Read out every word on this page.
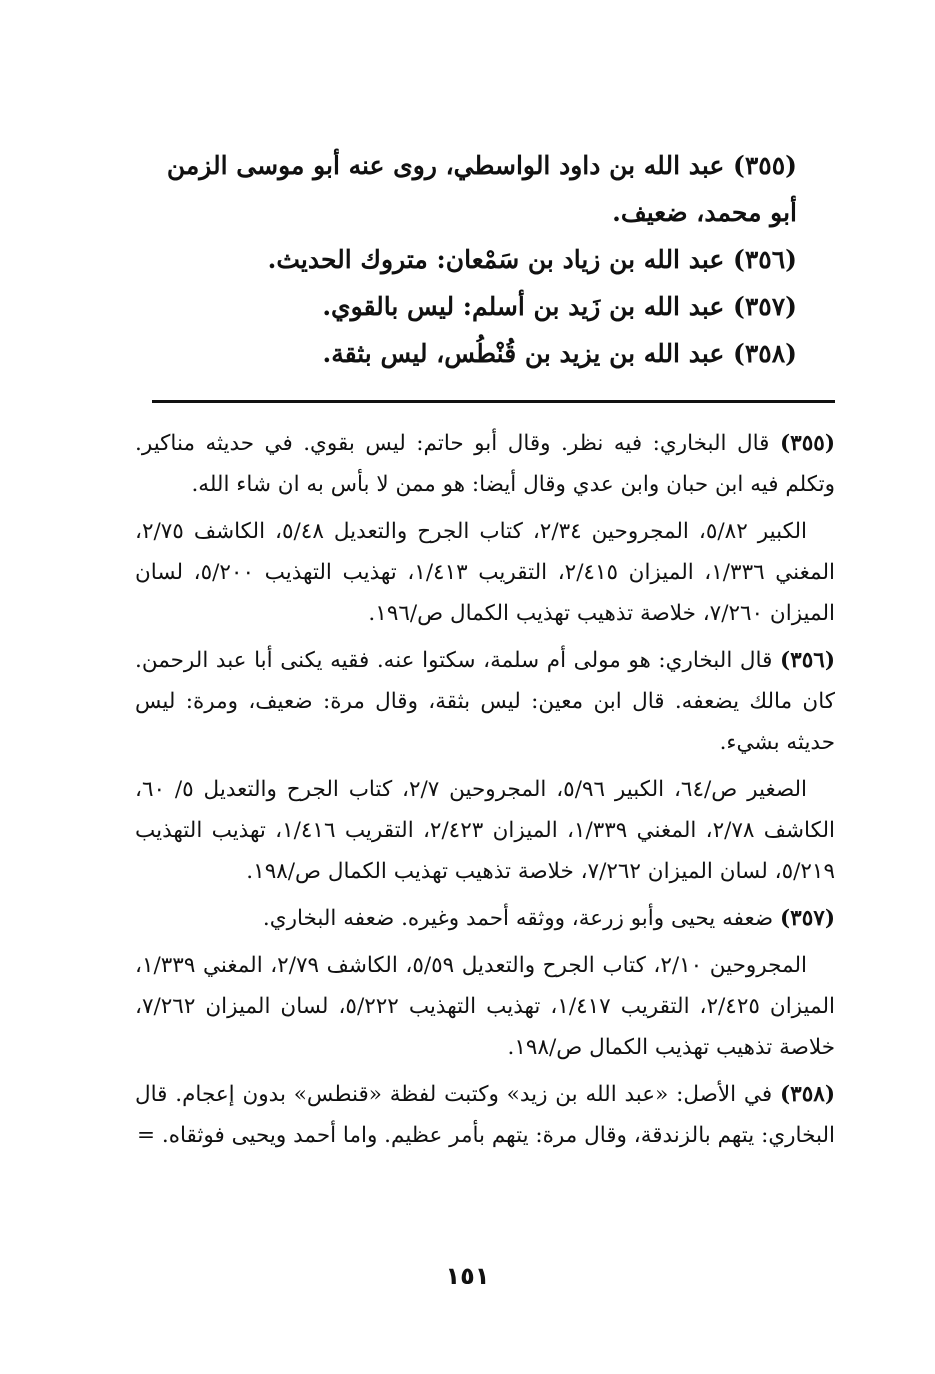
(٣٥٥) عبد الله بن داود الواسطي، روى عنه أبو موسى الزمن أبو محمد، ضعيف.

(٣٥٦) عبد الله بن زياد بن سَمْعان: متروك الحديث.

(٣٥٧) عبد الله بن زَيد بن أسلم: ليس بالقوي.

(٣٥٨) عبد الله بن يزيد بن قُنْطُس، ليس بثقة.

(٣٥٥) قال البخاري: فيه نظر. وقال أبو حاتم: ليس بقوي. في حديثه مناكير. وتكلم فيه ابن حبان وابن عدي وقال أيضا: هو ممن لا بأس به ان شاء الله.

الكبير ٥/٨٢، المجروحين ٢/٣٤، كتاب الجرح والتعديل ٥/٤٨، الكاشف ٢/٧٥، المغني ١/٣٣٦، الميزان ٢/٤١٥، التقريب ١/٤١٣، تهذيب التهذيب ٥/٢٠٠، لسان الميزان ٧/٢٦٠، خلاصة تذهيب تهذيب الكمال ص/١٩٦.

(٣٥٦) قال البخاري: هو مولى أم سلمة، سكتوا عنه. فقيه يكنى أبا عبد الرحمن. كان مالك يضعفه. قال ابن معين: ليس بثقة، وقال مرة: ضعيف، ومرة: ليس حديثه بشيء.

الصغير ص/٦٤، الكبير ٥/٩٦، المجروحين ٢/٧، كتاب الجرح والتعديل ٥/ ٦٠، الكاشف ٢/٧٨، المغني ١/٣٣٩، الميزان ٢/٤٢٣، التقريب ١/٤١٦، تهذيب التهذيب ٥/٢١٩، لسان الميزان ٧/٢٦٢، خلاصة تذهيب تهذيب الكمال ص/١٩٨.

(٣٥٧) ضعفه يحيى وأبو زرعة، ووثقه أحمد وغيره. ضعفه البخاري.

المجروحين ٢/١٠، كتاب الجرح والتعديل ٥/٥٩، الكاشف ٢/٧٩، المغني ١/٣٣٩، الميزان ٢/٤٢٥، التقريب ١/٤١٧، تهذيب التهذيب ٥/٢٢٢، لسان الميزان ٧/٢٦٢، خلاصة تذهيب تهذيب الكمال ص/١٩٨.

(٣٥٨) في الأصل: «عبد الله بن زيد» وكتبت لفظة «قنطس» بدون إعجام. قال البخاري: يتهم بالزندقة، وقال مرة: يتهم بأمر عظيم. واما أحمد ويحيى فوثقاه. =

١٥١
